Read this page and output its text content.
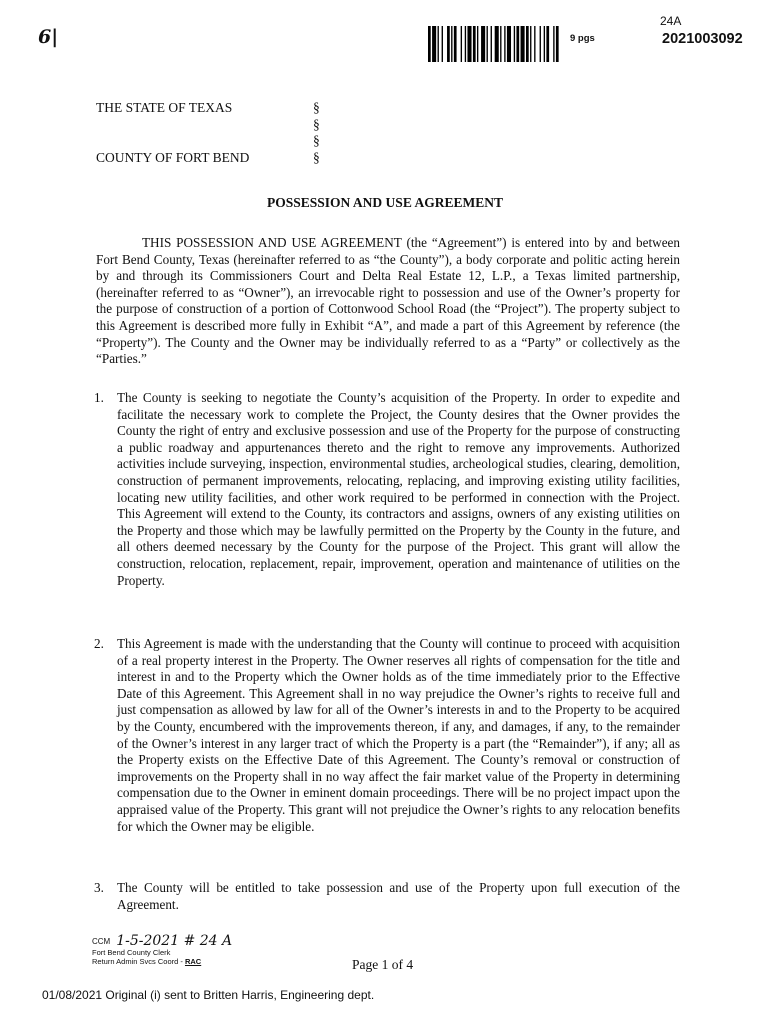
6|	9 pgs
24A
2021003092
THE STATE OF TEXAS
COUNTY OF FORT BEND
§
§
§
§
POSSESSION AND USE AGREEMENT
THIS POSSESSION AND USE AGREEMENT (the “Agreement”) is entered into by and between Fort Bend County, Texas (hereinafter referred to as “the County”), a body corporate and politic acting herein by and through its Commissioners Court and Delta Real Estate 12, L.P., a Texas limited partnership, (hereinafter referred to as “Owner”), an irrevocable right to possession and use of the Owner’s property for the purpose of construction of a portion of Cottonwood School Road (the “Project”). The property subject to this Agreement is described more fully in Exhibit “A”, and made a part of this Agreement by reference (the “Property”). The County and the Owner may be individually referred to as a “Party” or collectively as the “Parties.”
1. The County is seeking to negotiate the County’s acquisition of the Property. In order to expedite and facilitate the necessary work to complete the Project, the County desires that the Owner provides the County the right of entry and exclusive possession and use of the Property for the purpose of constructing a public roadway and appurtenances thereto and the right to remove any improvements. Authorized activities include surveying, inspection, environmental studies, archeological studies, clearing, demolition, construction of permanent improvements, relocating, replacing, and improving existing utility facilities, locating new utility facilities, and other work required to be performed in connection with the Project. This Agreement will extend to the County, its contractors and assigns, owners of any existing utilities on the Property and those which may be lawfully permitted on the Property by the County in the future, and all others deemed necessary by the County for the purpose of the Project. This grant will allow the construction, relocation, replacement, repair, improvement, operation and maintenance of utilities on the Property.
2. This Agreement is made with the understanding that the County will continue to proceed with acquisition of a real property interest in the Property. The Owner reserves all rights of compensation for the title and interest in and to the Property which the Owner holds as of the time immediately prior to the Effective Date of this Agreement. This Agreement shall in no way prejudice the Owner’s rights to receive full and just compensation as allowed by law for all of the Owner’s interests in and to the Property to be acquired by the County, encumbered with the improvements thereon, if any, and damages, if any, to the remainder of the Owner’s interest in any larger tract of which the Property is a part (the “Remainder”), if any; all as the Property exists on the Effective Date of this Agreement. The County’s removal or construction of improvements on the Property shall in no way affect the fair market value of the Property in determining compensation due to the Owner in eminent domain proceedings. There will be no project impact upon the appraised value of the Property. This grant will not prejudice the Owner’s rights to any relocation benefits for which the Owner may be eligible.
3. The County will be entitled to take possession and use of the Property upon full execution of the Agreement.
CCM 1-5-2021 # 24 A
Fort Bend County Clerk
Return Admin Svcs Coord - RAC	Page 1 of 4
01/08/2021 Original (i) sent to Britten Harris, Engineering dept.
